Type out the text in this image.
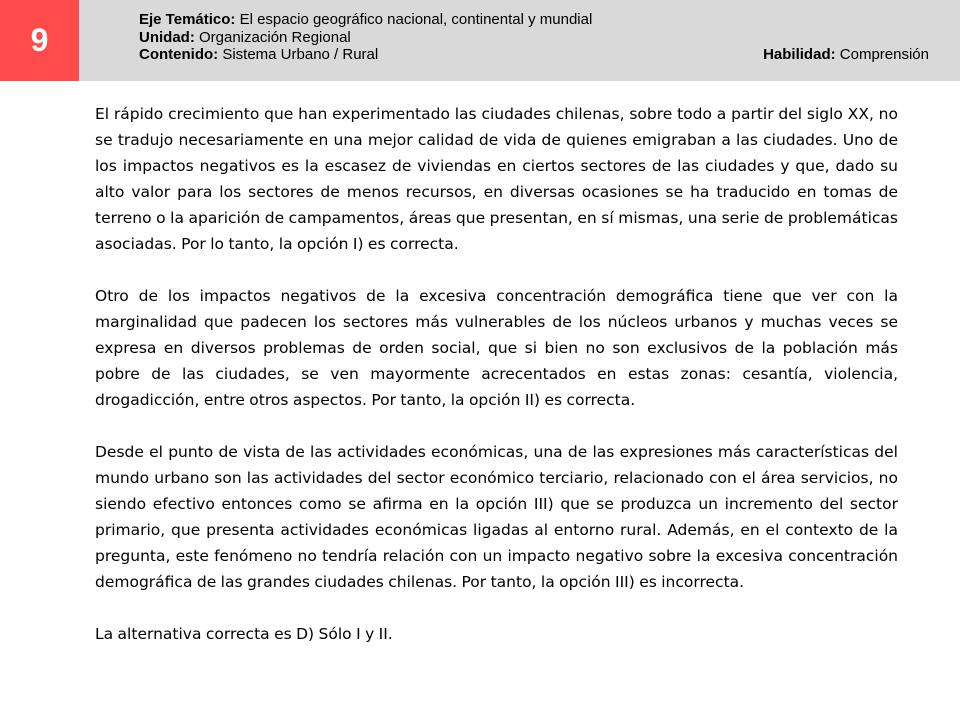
9
Eje Temático: El espacio geográfico nacional, continental y mundial
Unidad: Organización Regional
Contenido: Sistema Urbano / Rural	Habilidad: Comprensión

El rápido crecimiento que han experimentado las ciudades chilenas, sobre todo a partir del siglo XX, no se tradujo necesariamente en una mejor calidad de vida de quienes emigraban a las ciudades. Uno de los impactos negativos es la escasez de viviendas en ciertos sectores de las ciudades y que, dado su alto valor para los sectores de menos recursos, en diversas ocasiones se ha traducido en tomas de terreno o la aparición de campamentos, áreas que presentan, en sí mismas, una serie de problemáticas asociadas. Por lo tanto, la opción I) es correcta.

Otro de los impactos negativos de la excesiva concentración demográfica tiene que ver con la marginalidad que padecen los sectores más vulnerables de los núcleos urbanos y muchas veces se expresa en diversos problemas de orden social, que si bien no son exclusivos de la población más pobre de las ciudades, se ven mayormente acrecentados en estas zonas: cesantía, violencia, drogadicción, entre otros aspectos. Por tanto, la opción II) es correcta.

Desde el punto de vista de las actividades económicas, una de las expresiones más características del mundo urbano son las actividades del sector económico terciario, relacionado con el área servicios, no siendo efectivo entonces como se afirma en la opción III) que se produzca un incremento del sector primario, que presenta actividades económicas ligadas al entorno rural. Además, en el contexto de la pregunta, este fenómeno no tendría relación con un impacto negativo sobre la excesiva concentración demográfica de las grandes ciudades chilenas. Por tanto, la opción III) es incorrecta.

La alternativa correcta es D) Sólo I y II.
